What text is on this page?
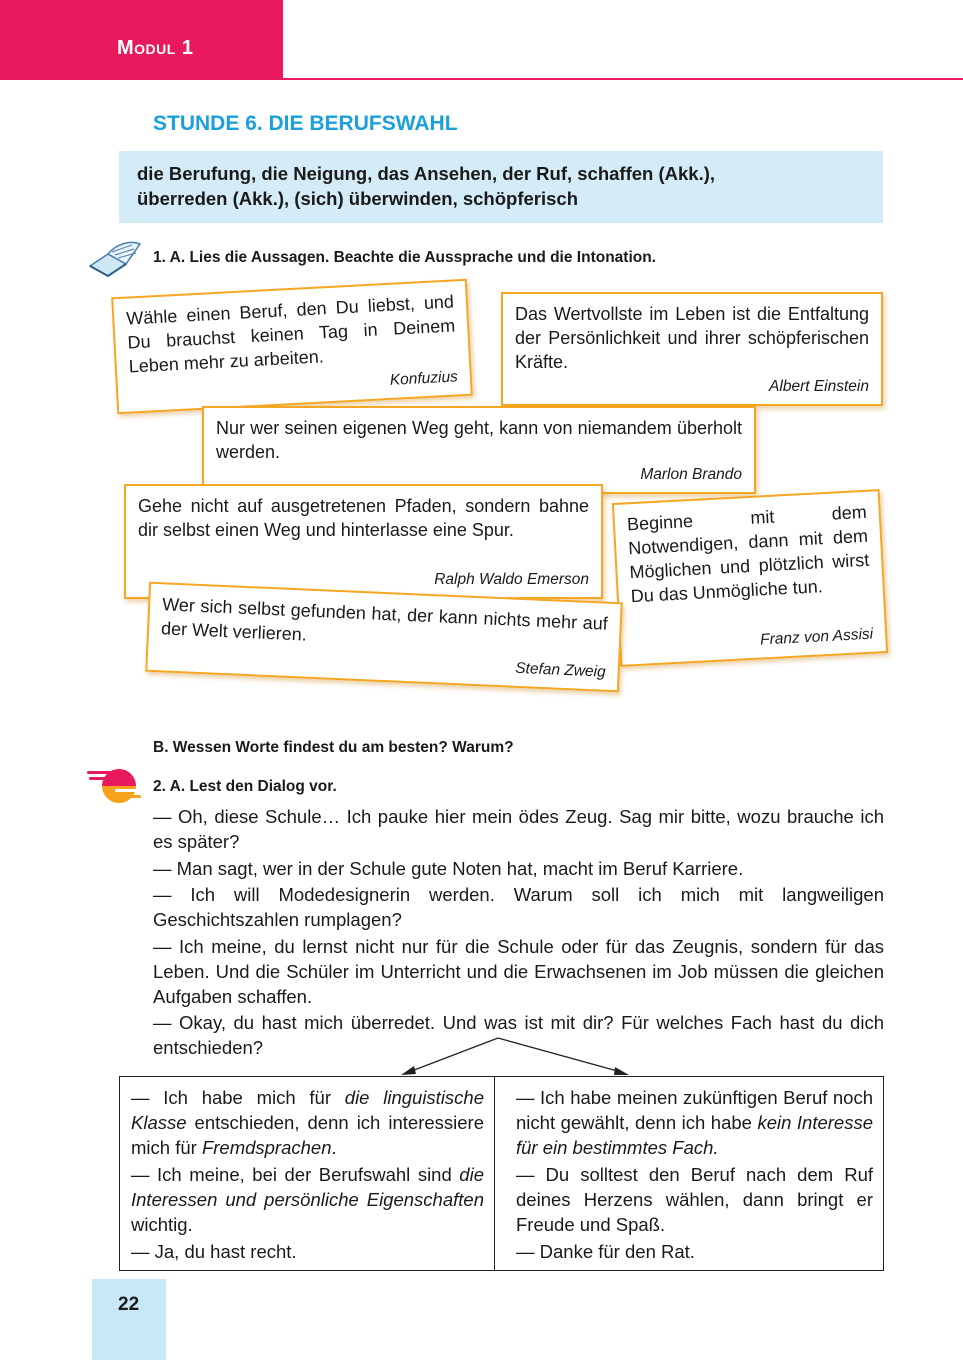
Modul 1
STUNDE 6. DIE BERUFSWAHL
die Berufung, die Neigung, das Ansehen, der Ruf, schaffen (Akk.),
überreden (Akk.), (sich) überwinden, schöpferisch
1. A. Lies die Aussagen. Beachte die Aussprache und die Intonation.
Wähle einen Beruf, den Du liebst, und Du brauchst keinen Tag in Deinem Leben mehr zu arbeiten.
Konfuzius
Das Wertvollste im Leben ist die Entfaltung der Persönlichkeit und ihrer schöpferischen Kräfte.
Albert Einstein
Nur wer seinen eigenen Weg geht, kann von niemandem überholt werden.
Marlon Brando
Gehe nicht auf ausgetretenen Pfaden, sondern bahne dir selbst einen Weg und hinterlasse eine Spur.
Ralph Waldo Emerson
Beginne mit dem Notwendigen, dann mit dem Möglichen und plötzlich wirst Du das Unmögliche tun.
Franz von Assisi
Wer sich selbst gefunden hat, der kann nichts mehr auf der Welt verlieren.
Stefan Zweig
B. Wessen Worte findest du am besten? Warum?
2. A. Lest den Dialog vor.

— Oh, diese Schule… Ich pauke hier mein ödes Zeug. Sag mir bitte, wozu brauche ich es später?

— Man sagt, wer in der Schule gute Noten hat, macht im Beruf Karriere.

— Ich will Modedesignerin werden. Warum soll ich mich mit langweiligen Geschichtszahlen rumplagen?

— Ich meine, du lernst nicht nur für die Schule oder für das Zeugnis, sondern für das Leben. Und die Schüler im Unterricht und die Erwachsenen im Job müssen die gleichen Aufgaben schaffen.

— Okay, du hast mich überredet. Und was ist mit dir? Für welches Fach hast du dich entschieden?

— Ich habe mich für die linguistische Klasse entschieden, denn ich interessiere mich für Fremdsprachen.

— Ich meine, bei der Berufswahl sind die Interessen und persönliche Eigenschaften wichtig.

— Ja, du hast recht.

— Ich habe meinen zukünftigen Beruf noch nicht gewählt, denn ich habe kein Interesse für ein bestimmtes Fach.

— Du solltest den Beruf nach dem Ruf deines Herzens wählen, dann bringt er Freude und Spaß.

— Danke für den Rat.

22
